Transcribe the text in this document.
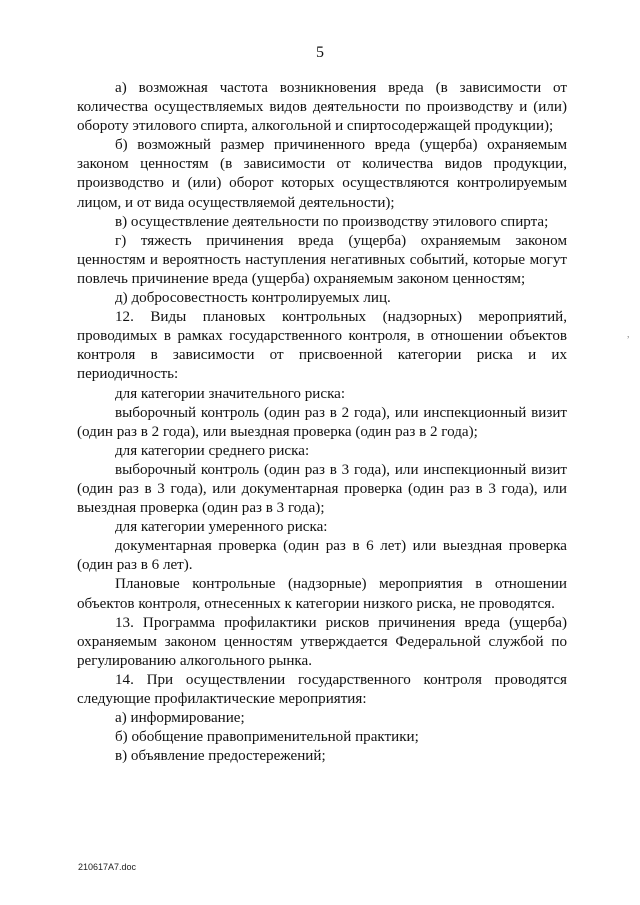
5

а) возможная частота возникновения вреда (в зависимости от количества осуществляемых видов деятельности по производству и (или) обороту этилового спирта, алкогольной и спиртосодержащей продукции);

б) возможный размер причиненного вреда (ущерба) охраняемым законом ценностям (в зависимости от количества видов продукции, производство и (или) оборот которых осуществляются контролируемым лицом, и от вида осуществляемой деятельности);

в) осуществление деятельности по производству этилового спирта;

г) тяжесть причинения вреда (ущерба) охраняемым законом ценностям и вероятность наступления негативных событий, которые могут повлечь причинение вреда (ущерба) охраняемым законом ценностям;

д) добросовестность контролируемых лиц.

12. Виды плановых контрольных (надзорных) мероприятий, проводимых в рамках государственного контроля, в отношении объектов контроля в зависимости от присвоенной категории риска и их периодичность:

для категории значительного риска:

выборочный контроль (один раз в 2 года), или инспекционный визит (один раз в 2 года), или выездная проверка (один раз в 2 года);

для категории среднего риска:

выборочный контроль (один раз в 3 года), или инспекционный визит (один раз в 3 года), или документарная проверка (один раз в 3 года), или выездная проверка (один раз в 3 года);

для категории умеренного риска:

документарная проверка (один раз в 6 лет) или выездная проверка (один раз в 6 лет).

Плановые контрольные (надзорные) мероприятия в отношении объектов контроля, отнесенных к категории низкого риска, не проводятся.

13. Программа профилактики рисков причинения вреда (ущерба) охраняемым законом ценностям утверждается Федеральной службой по регулированию алкогольного рынка.

14. При осуществлении государственного контроля проводятся следующие профилактические мероприятия:

а) информирование;

б) обобщение правоприменительной практики;

в) объявление предостережений;

,
210617A7.doc
